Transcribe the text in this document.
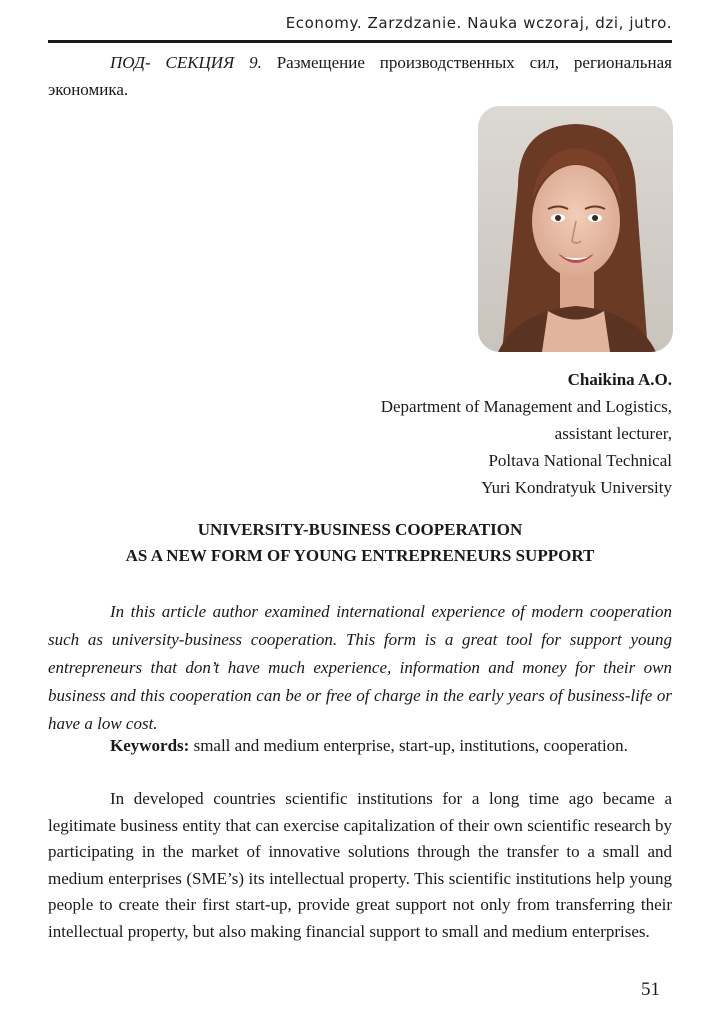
Economy. Zarzdzanie. Nauka wczoraj, dzi, jutro.
ПОД- СЕКЦИЯ 9. Размещение производственных сил, региональная экономика.
Chaikina A.O.
Department of Management and Logistics,
assistant lecturer,
Poltava National Technical
Yuri Kondratyuk University
UNIVERSITY-BUSINESS COOPERATION
AS A NEW FORM OF YOUNG ENTREPRENEURS SUPPORT

In this article author examined international experience of modern cooperation such as university-business cooperation. This form is a great tool for support young entrepreneurs that don’t have much experience, information and money for their own business and this cooperation can be or free of charge in the early years of business-life or have a low cost.

Keywords: small and medium enterprise, start-up, institutions, cooperation.

In developed countries scientific institutions for a long time ago became a legitimate business entity that can exercise capitalization of their own scientific research by participating in the market of innovative solutions through the transfer to a small and medium enterprises (SME’s) its intellectual property. This scientific institutions help young people to create their first start-up, provide great support not only from transferring their intellectual property, but also making financial support to small and medium enterprises.

51
